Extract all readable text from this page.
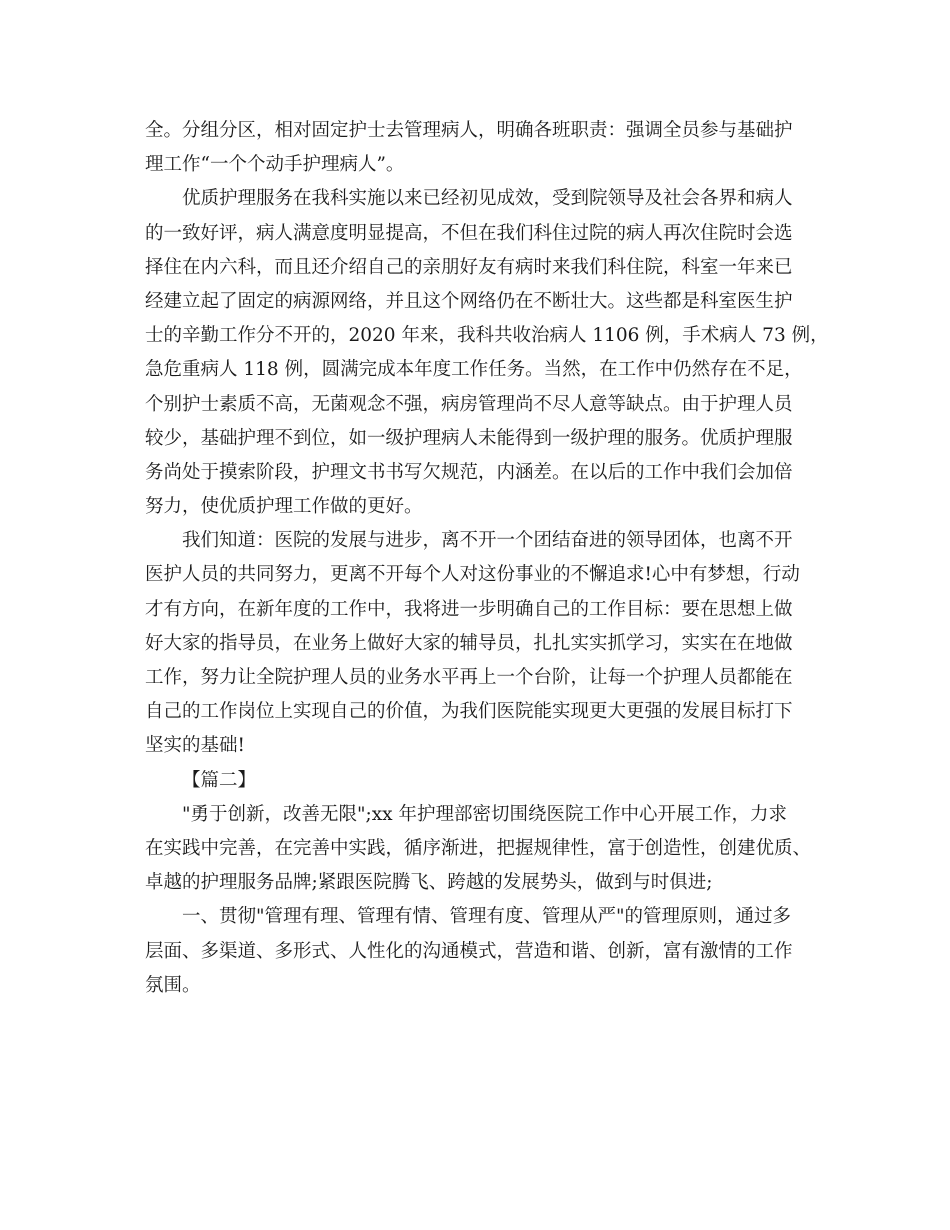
全。分组分区，相对固定护士去管理病人，明确各班职责：强调全员参与基础护
理工作“一个个动手护理病人”。
优质护理服务在我科实施以来已经初见成效，受到院领导及社会各界和病人
的一致好评，病人满意度明显提高，不但在我们科住过院的病人再次住院时会选
择住在内六科，而且还介绍自己的亲朋好友有病时来我们科住院，科室一年来已
经建立起了固定的病源网络，并且这个网络仍在不断壮大。这些都是科室医生护
士的辛勤工作分不开的，2020 年来，我科共收治病人 1106 例，手术病人 73 例，
急危重病人 118 例，圆满完成本年度工作任务。当然，在工作中仍然存在不足，
个别护士素质不高，无菌观念不强，病房管理尚不尽人意等缺点。由于护理人员
较少，基础护理不到位，如一级护理病人未能得到一级护理的服务。优质护理服
务尚处于摸索阶段，护理文书书写欠规范，内涵差。在以后的工作中我们会加倍
努力，使优质护理工作做的更好。
我们知道：医院的发展与进步，离不开一个团结奋进的领导团体，也离不开
医护人员的共同努力，更离不开每个人对这份事业的不懈追求!心中有梦想，行动
才有方向，在新年度的工作中，我将进一步明确自己的工作目标：要在思想上做
好大家的指导员，在业务上做好大家的辅导员，扎扎实实抓学习，实实在在地做
工作，努力让全院护理人员的业务水平再上一个台阶，让每一个护理人员都能在
自己的工作岗位上实现自己的价值，为我们医院能实现更大更强的发展目标打下
坚实的基础!
【篇二】
"勇于创新，改善无限";xx 年护理部密切围绕医院工作中心开展工作，力求
在实践中完善，在完善中实践，循序渐进，把握规律性，富于创造性，创建优质、
卓越的护理服务品牌;紧跟医院腾飞、跨越的发展势头，做到与时俱进;
一、贯彻"管理有理、管理有情、管理有度、管理从严"的管理原则，通过多
层面、多渠道、多形式、人性化的沟通模式，营造和谐、创新，富有激情的工作
氛围。
